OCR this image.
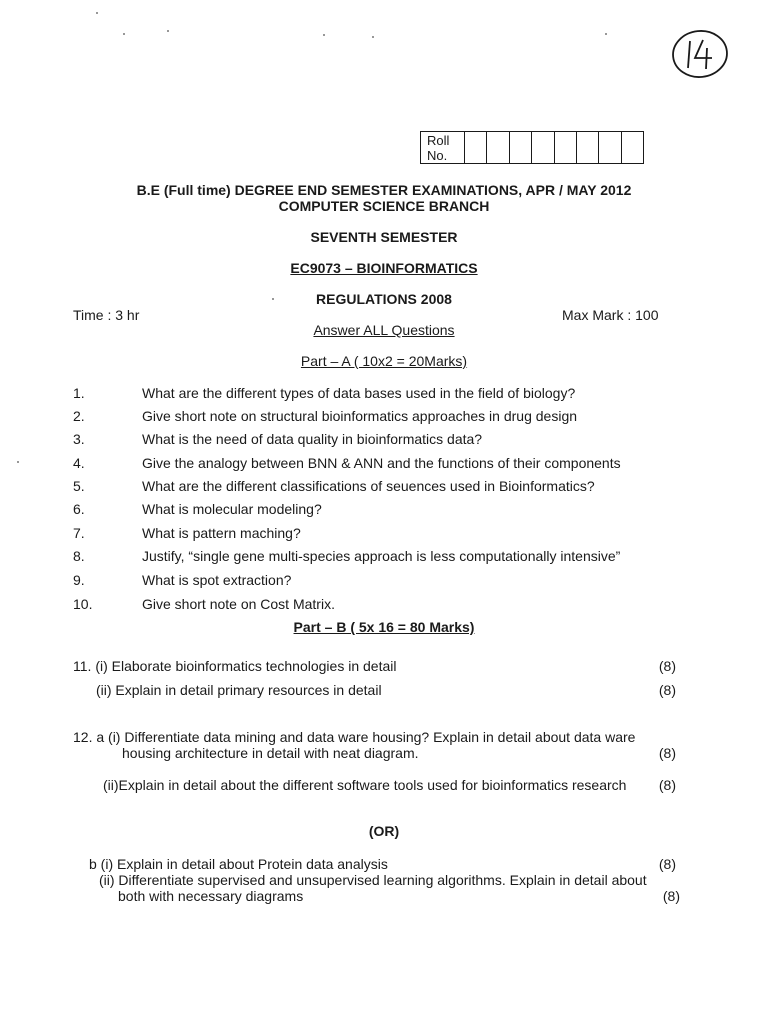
Roll
No.
B.E (Full time) DEGREE END SEMESTER EXAMINATIONS, APR / MAY 2012
COMPUTER SCIENCE BRANCH
SEVENTH SEMESTER
EC9073 – BIOINFORMATICS
REGULATIONS 2008
Time : 3 hr	Max Mark : 100
Answer ALL Questions
Part – A ( 10x2 = 20Marks)
1.	What are the different types of data bases used in the field of biology?
2.	Give short note on structural bioinformatics approaches in drug design
3.	What is the need of data quality in bioinformatics data?
4.	Give the analogy between BNN & ANN and the functions of their components
5.	What are the different classifications of seuences used in Bioinformatics?
6.	What is molecular modeling?
7.	What is pattern maching?
8.	Justify, “single gene multi-species approach is less computationally intensive”
9.	What is spot extraction?
10.	Give short note on Cost Matrix.
Part – B ( 5x 16 = 80 Marks)
11. (i) Elaborate bioinformatics technologies in detail	(8)
(ii) Explain in detail primary resources in detail	(8)
12. a (i) Differentiate data mining and data ware housing? Explain in detail about data ware
housing architecture in detail with neat diagram.	(8)
(ii)Explain in detail about the different software tools used for bioinformatics research	(8)
(OR)
b (i) Explain in detail about Protein data analysis	(8)
(ii) Differentiate supervised and unsupervised learning algorithms. Explain in detail about
both with necessary diagrams	(8)
